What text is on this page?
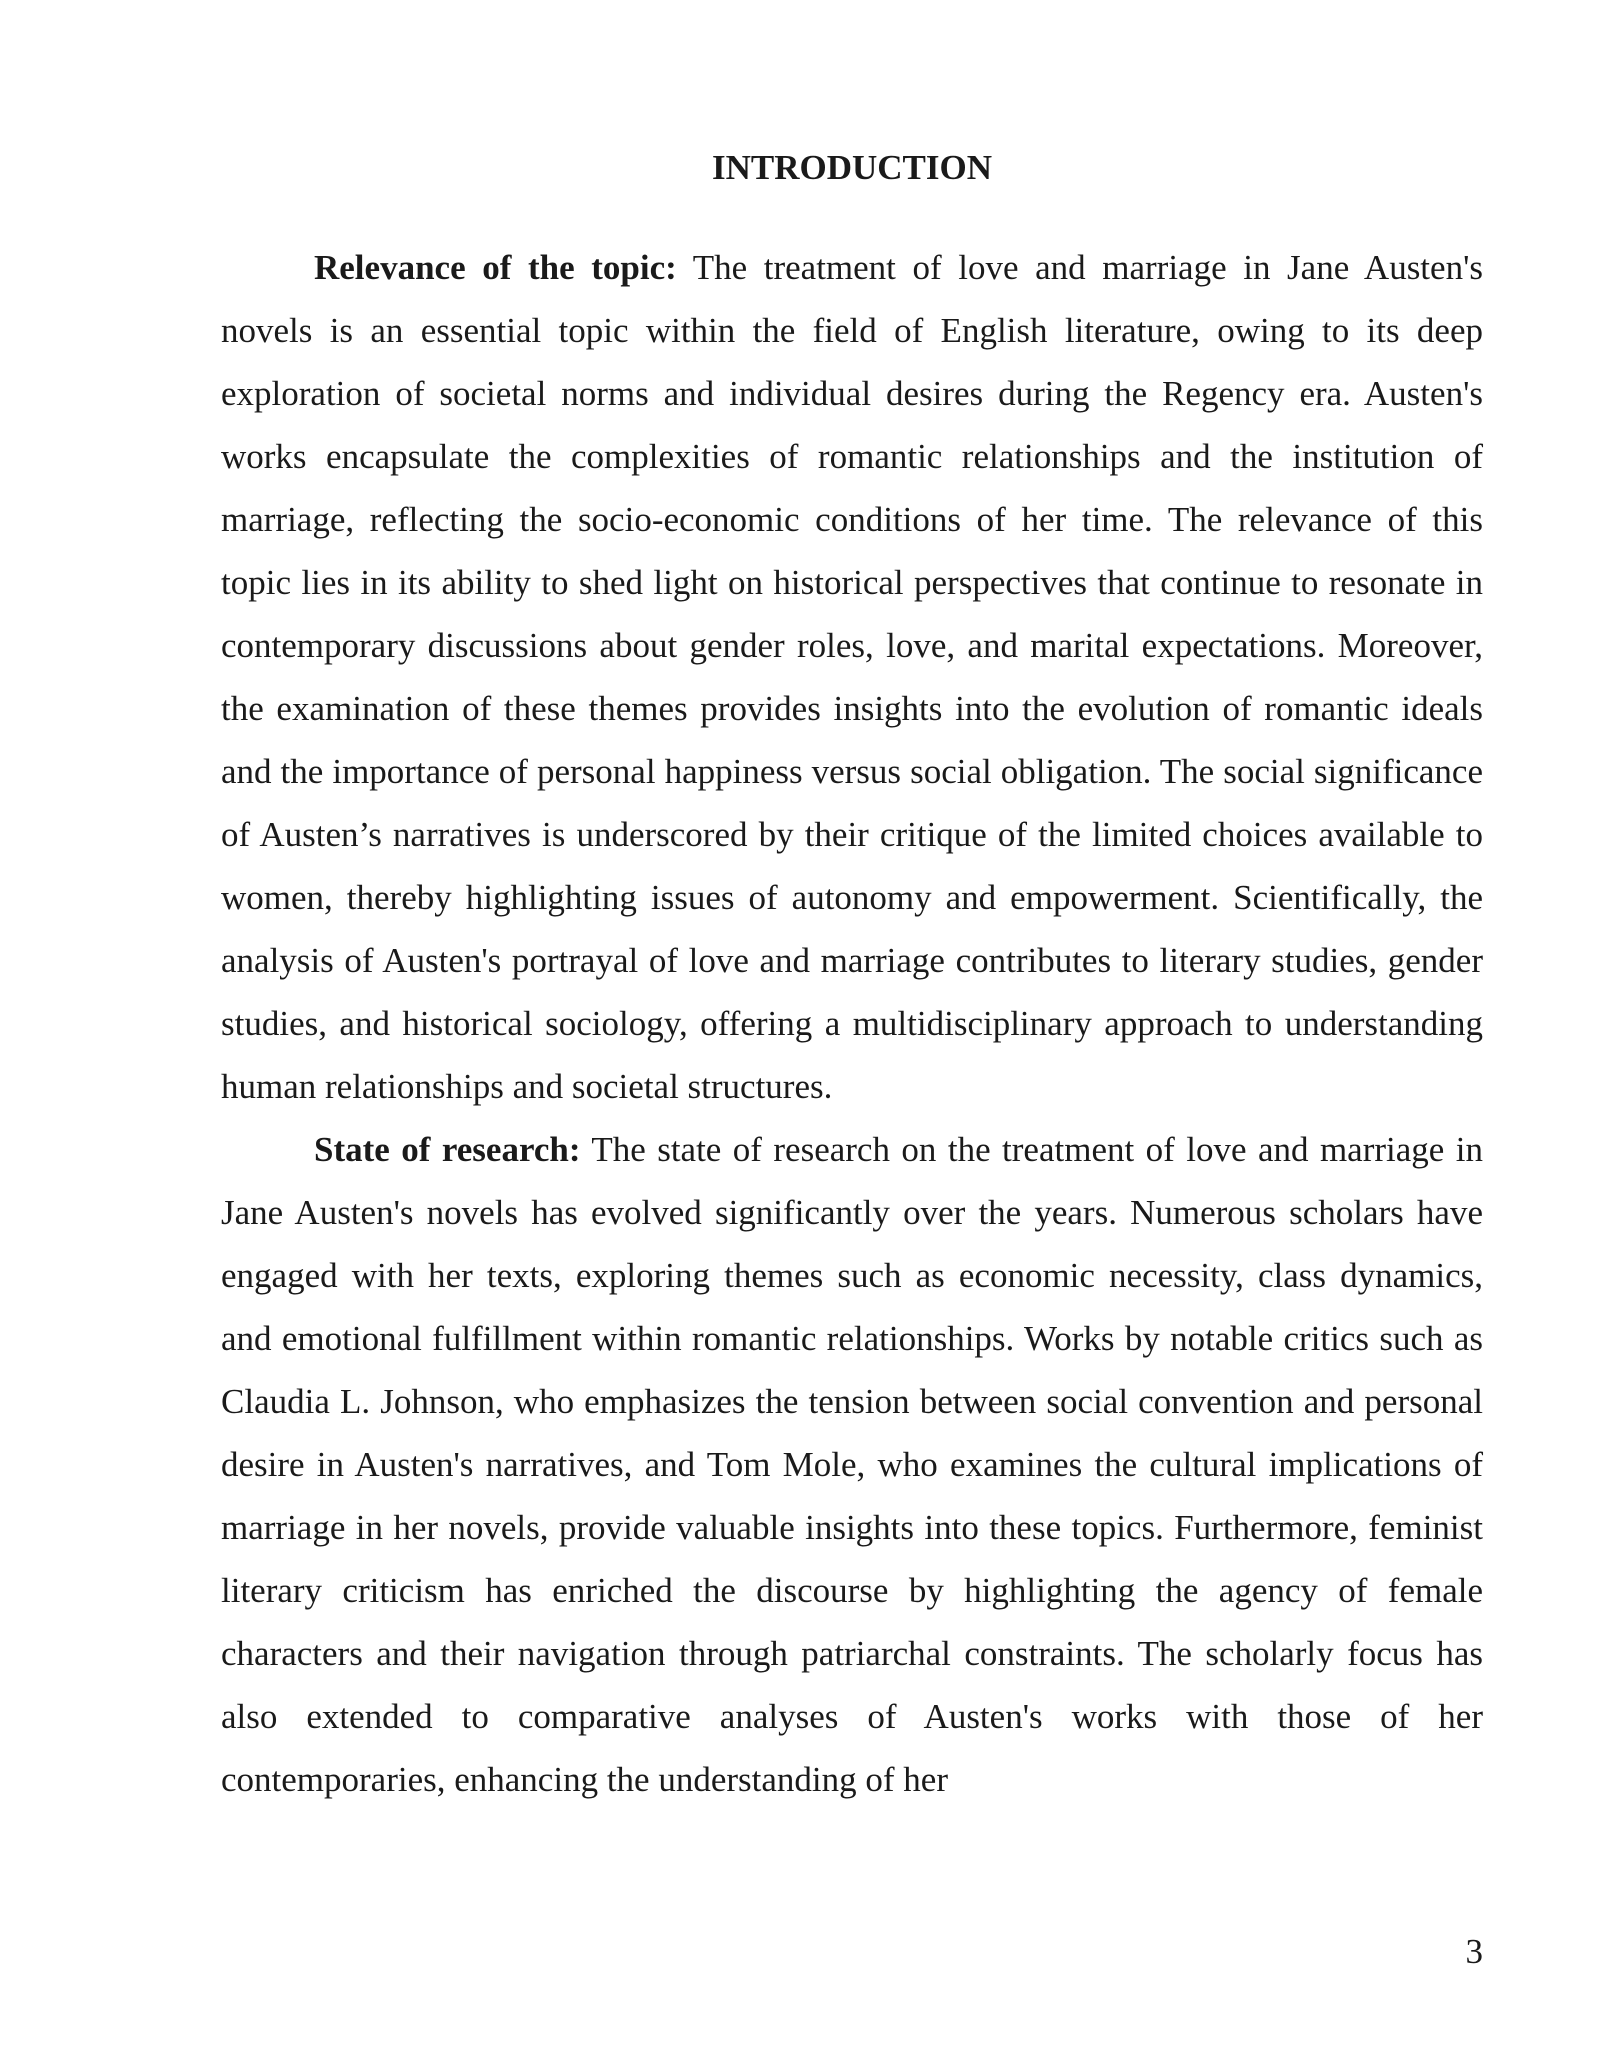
INTRODUCTION

Relevance of the topic: The treatment of love and marriage in Jane Austen's novels is an essential topic within the field of English literature, owing to its deep exploration of societal norms and individual desires during the Regency era. Austen's works encapsulate the complexities of romantic relationships and the institution of marriage, reflecting the socio-economic conditions of her time. The relevance of this topic lies in its ability to shed light on historical perspectives that continue to resonate in contemporary discussions about gender roles, love, and marital expectations. Moreover, the examination of these themes provides insights into the evolution of romantic ideals and the importance of personal happiness versus social obligation. The social significance of Austen’s narratives is underscored by their critique of the limited choices available to women, thereby highlighting issues of autonomy and empowerment. Scientifically, the analysis of Austen's portrayal of love and marriage contributes to literary studies, gender studies, and historical sociology, offering a multidisciplinary approach to understanding human relationships and societal structures.

State of research: The state of research on the treatment of love and marriage in Jane Austen's novels has evolved significantly over the years. Numerous scholars have engaged with her texts, exploring themes such as economic necessity, class dynamics, and emotional fulfillment within romantic relationships. Works by notable critics such as Claudia L. Johnson, who emphasizes the tension between social convention and personal desire in Austen's narratives, and Tom Mole, who examines the cultural implications of marriage in her novels, provide valuable insights into these topics. Furthermore, feminist literary criticism has enriched the discourse by highlighting the agency of female characters and their navigation through patriarchal constraints. The scholarly focus has also extended to comparative analyses of Austen's works with those of her contemporaries, enhancing the understanding of her

3
